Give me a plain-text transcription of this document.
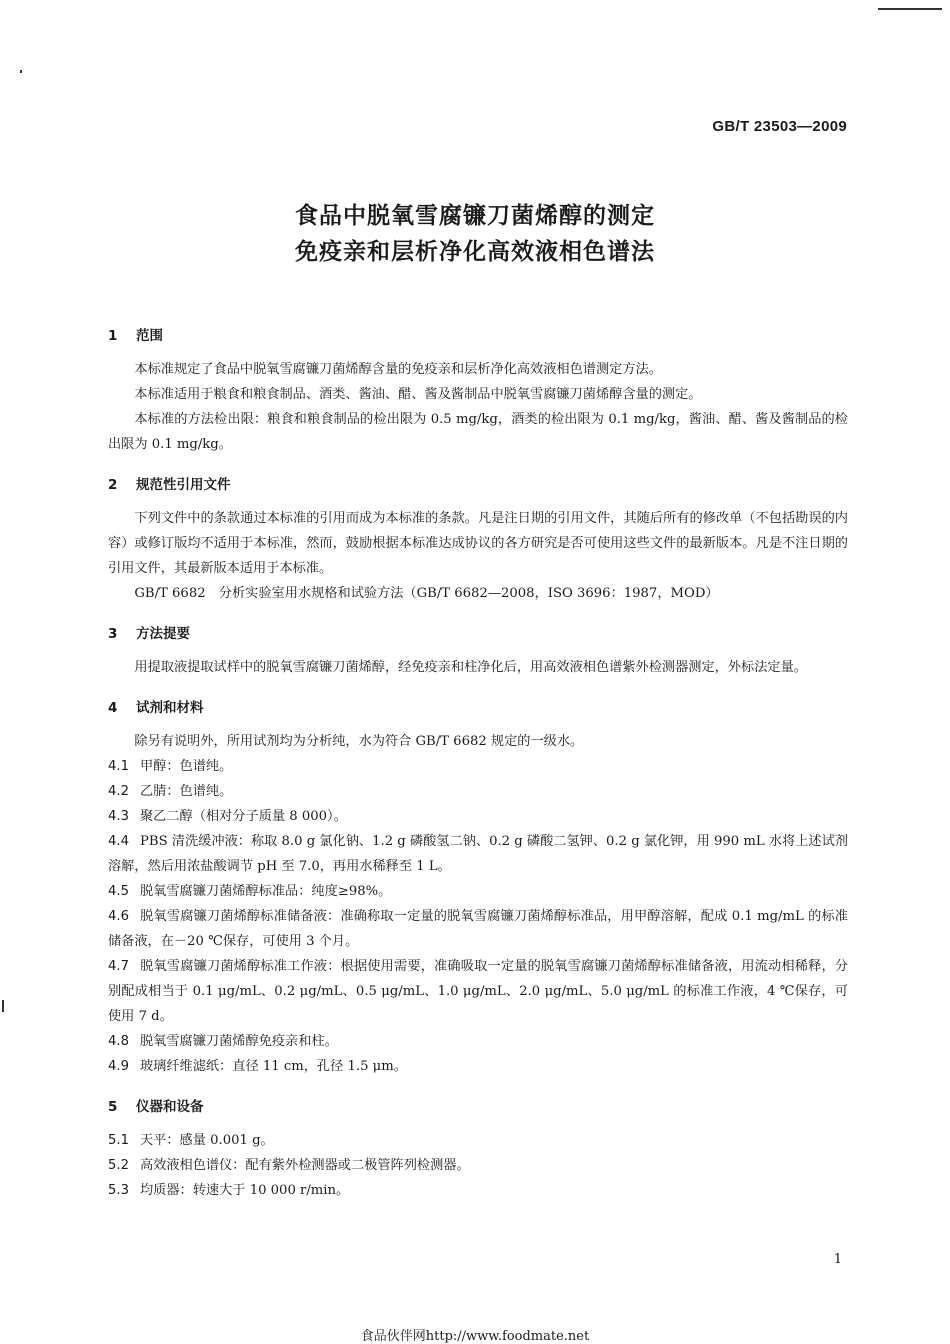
GB/T 23503—2009
食品中脱氧雪腐镰刀菌烯醇的测定
免疫亲和层析净化高效液相色谱法
1 范围

本标准规定了食品中脱氧雪腐镰刀菌烯醇含量的免疫亲和层析净化高效液相色谱测定方法。

本标准适用于粮食和粮食制品、酒类、酱油、醋、酱及酱制品中脱氧雪腐镰刀菌烯醇含量的测定。

本标准的方法检出限：粮食和粮食制品的检出限为 0.5 mg/kg，酒类的检出限为 0.1 mg/kg，酱油、醋、酱及酱制品的检出限为 0.1 mg/kg。

2 规范性引用文件

下列文件中的条款通过本标准的引用而成为本标准的条款。凡是注日期的引用文件，其随后所有的修改单（不包括勘误的内容）或修订版均不适用于本标准，然而，鼓励根据本标准达成协议的各方研究是否可使用这些文件的最新版本。凡是不注日期的引用文件，其最新版本适用于本标准。

GB/T 6682　分析实验室用水规格和试验方法（GB/T 6682—2008，ISO 3696：1987，MOD）

3 方法提要

用提取液提取试样中的脱氧雪腐镰刀菌烯醇，经免疫亲和柱净化后，用高效液相色谱紫外检测器测定，外标法定量。

4 试剂和材料

除另有说明外，所用试剂均为分析纯，水为符合 GB/T 6682 规定的一级水。

4.1 甲醇：色谱纯。

4.2 乙腈：色谱纯。

4.3 聚乙二醇（相对分子质量 8 000）。

4.4 PBS 清洗缓冲液：称取 8.0 g 氯化钠、1.2 g 磷酸氢二钠、0.2 g 磷酸二氢钾、0.2 g 氯化钾，用 990 mL 水将上述试剂溶解，然后用浓盐酸调节 pH 至 7.0，再用水稀释至 1 L。

4.5 脱氧雪腐镰刀菌烯醇标准品：纯度≥98%。

4.6 脱氧雪腐镰刀菌烯醇标准储备液：准确称取一定量的脱氧雪腐镰刀菌烯醇标准品，用甲醇溶解，配成 0.1 mg/mL 的标准储备液，在－20 ℃保存，可使用 3 个月。

4.7 脱氧雪腐镰刀菌烯醇标准工作液：根据使用需要，准确吸取一定量的脱氧雪腐镰刀菌烯醇标准储备液，用流动相稀释，分别配成相当于 0.1 μg/mL、0.2 μg/mL、0.5 μg/mL、1.0 μg/mL、2.0 μg/mL、5.0 μg/mL 的标准工作液，4 ℃保存，可使用 7 d。

4.8 脱氧雪腐镰刀菌烯醇免疫亲和柱。

4.9 玻璃纤维滤纸：直径 11 cm，孔径 1.5 μm。

5 仪器和设备

5.1 天平：感量 0.001 g。

5.2 高效液相色谱仪：配有紫外检测器或二极管阵列检测器。

5.3 均质器：转速大于 10 000 r/min。

1
食品伙伴网http://www.foodmate.net
